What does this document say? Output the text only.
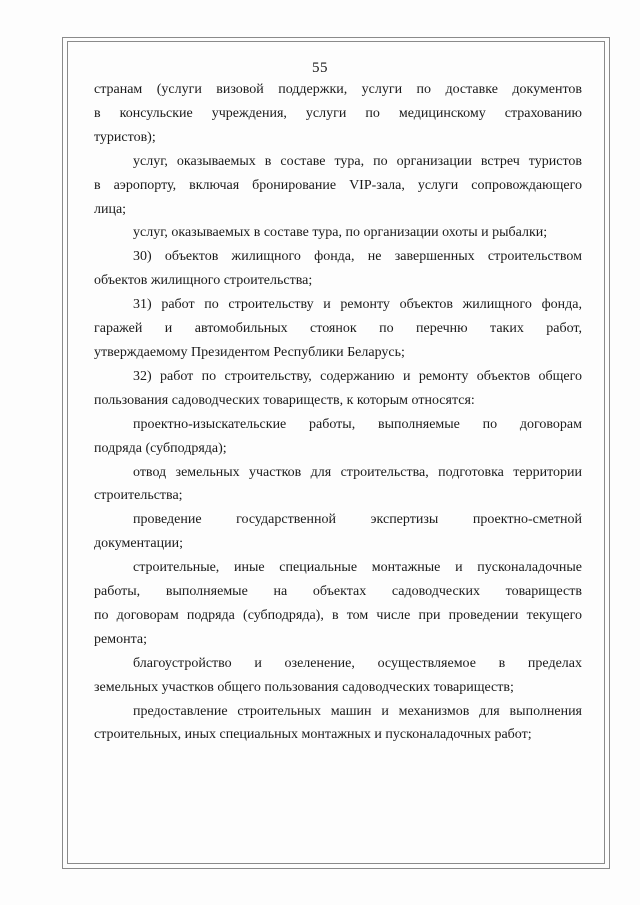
55
странам (услуги визовой поддержки, услуги по доставке документов
в консульские учреждения, услуги по медицинскому страхованию
туристов);
услуг, оказываемых в составе тура, по организации встреч туристов
в аэропорту, включая бронирование VIP-зала, услуги сопровождающего
лица;
услуг, оказываемых в составе тура, по организации охоты и рыбалки;
30) объектов жилищного фонда, не завершенных строительством
объектов жилищного строительства;
31) работ по строительству и ремонту объектов жилищного фонда,
гаражей и автомобильных стоянок по перечню таких работ,
утверждаемому Президентом Республики Беларусь;
32) работ по строительству, содержанию и ремонту объектов общего
пользования садоводческих товариществ, к которым относятся:
проектно-изыскательские работы, выполняемые по договорам
подряда (субподряда);
отвод земельных участков для строительства, подготовка территории
строительства;
проведение государственной экспертизы проектно-сметной
документации;
строительные, иные специальные монтажные и пусконаладочные
работы, выполняемые на объектах садоводческих товариществ
по договорам подряда (субподряда), в том числе при проведении текущего
ремонта;
благоустройство и озеленение, осуществляемое в пределах
земельных участков общего пользования садоводческих товариществ;
предоставление строительных машин и механизмов для выполнения
строительных, иных специальных монтажных и пусконаладочных работ;
